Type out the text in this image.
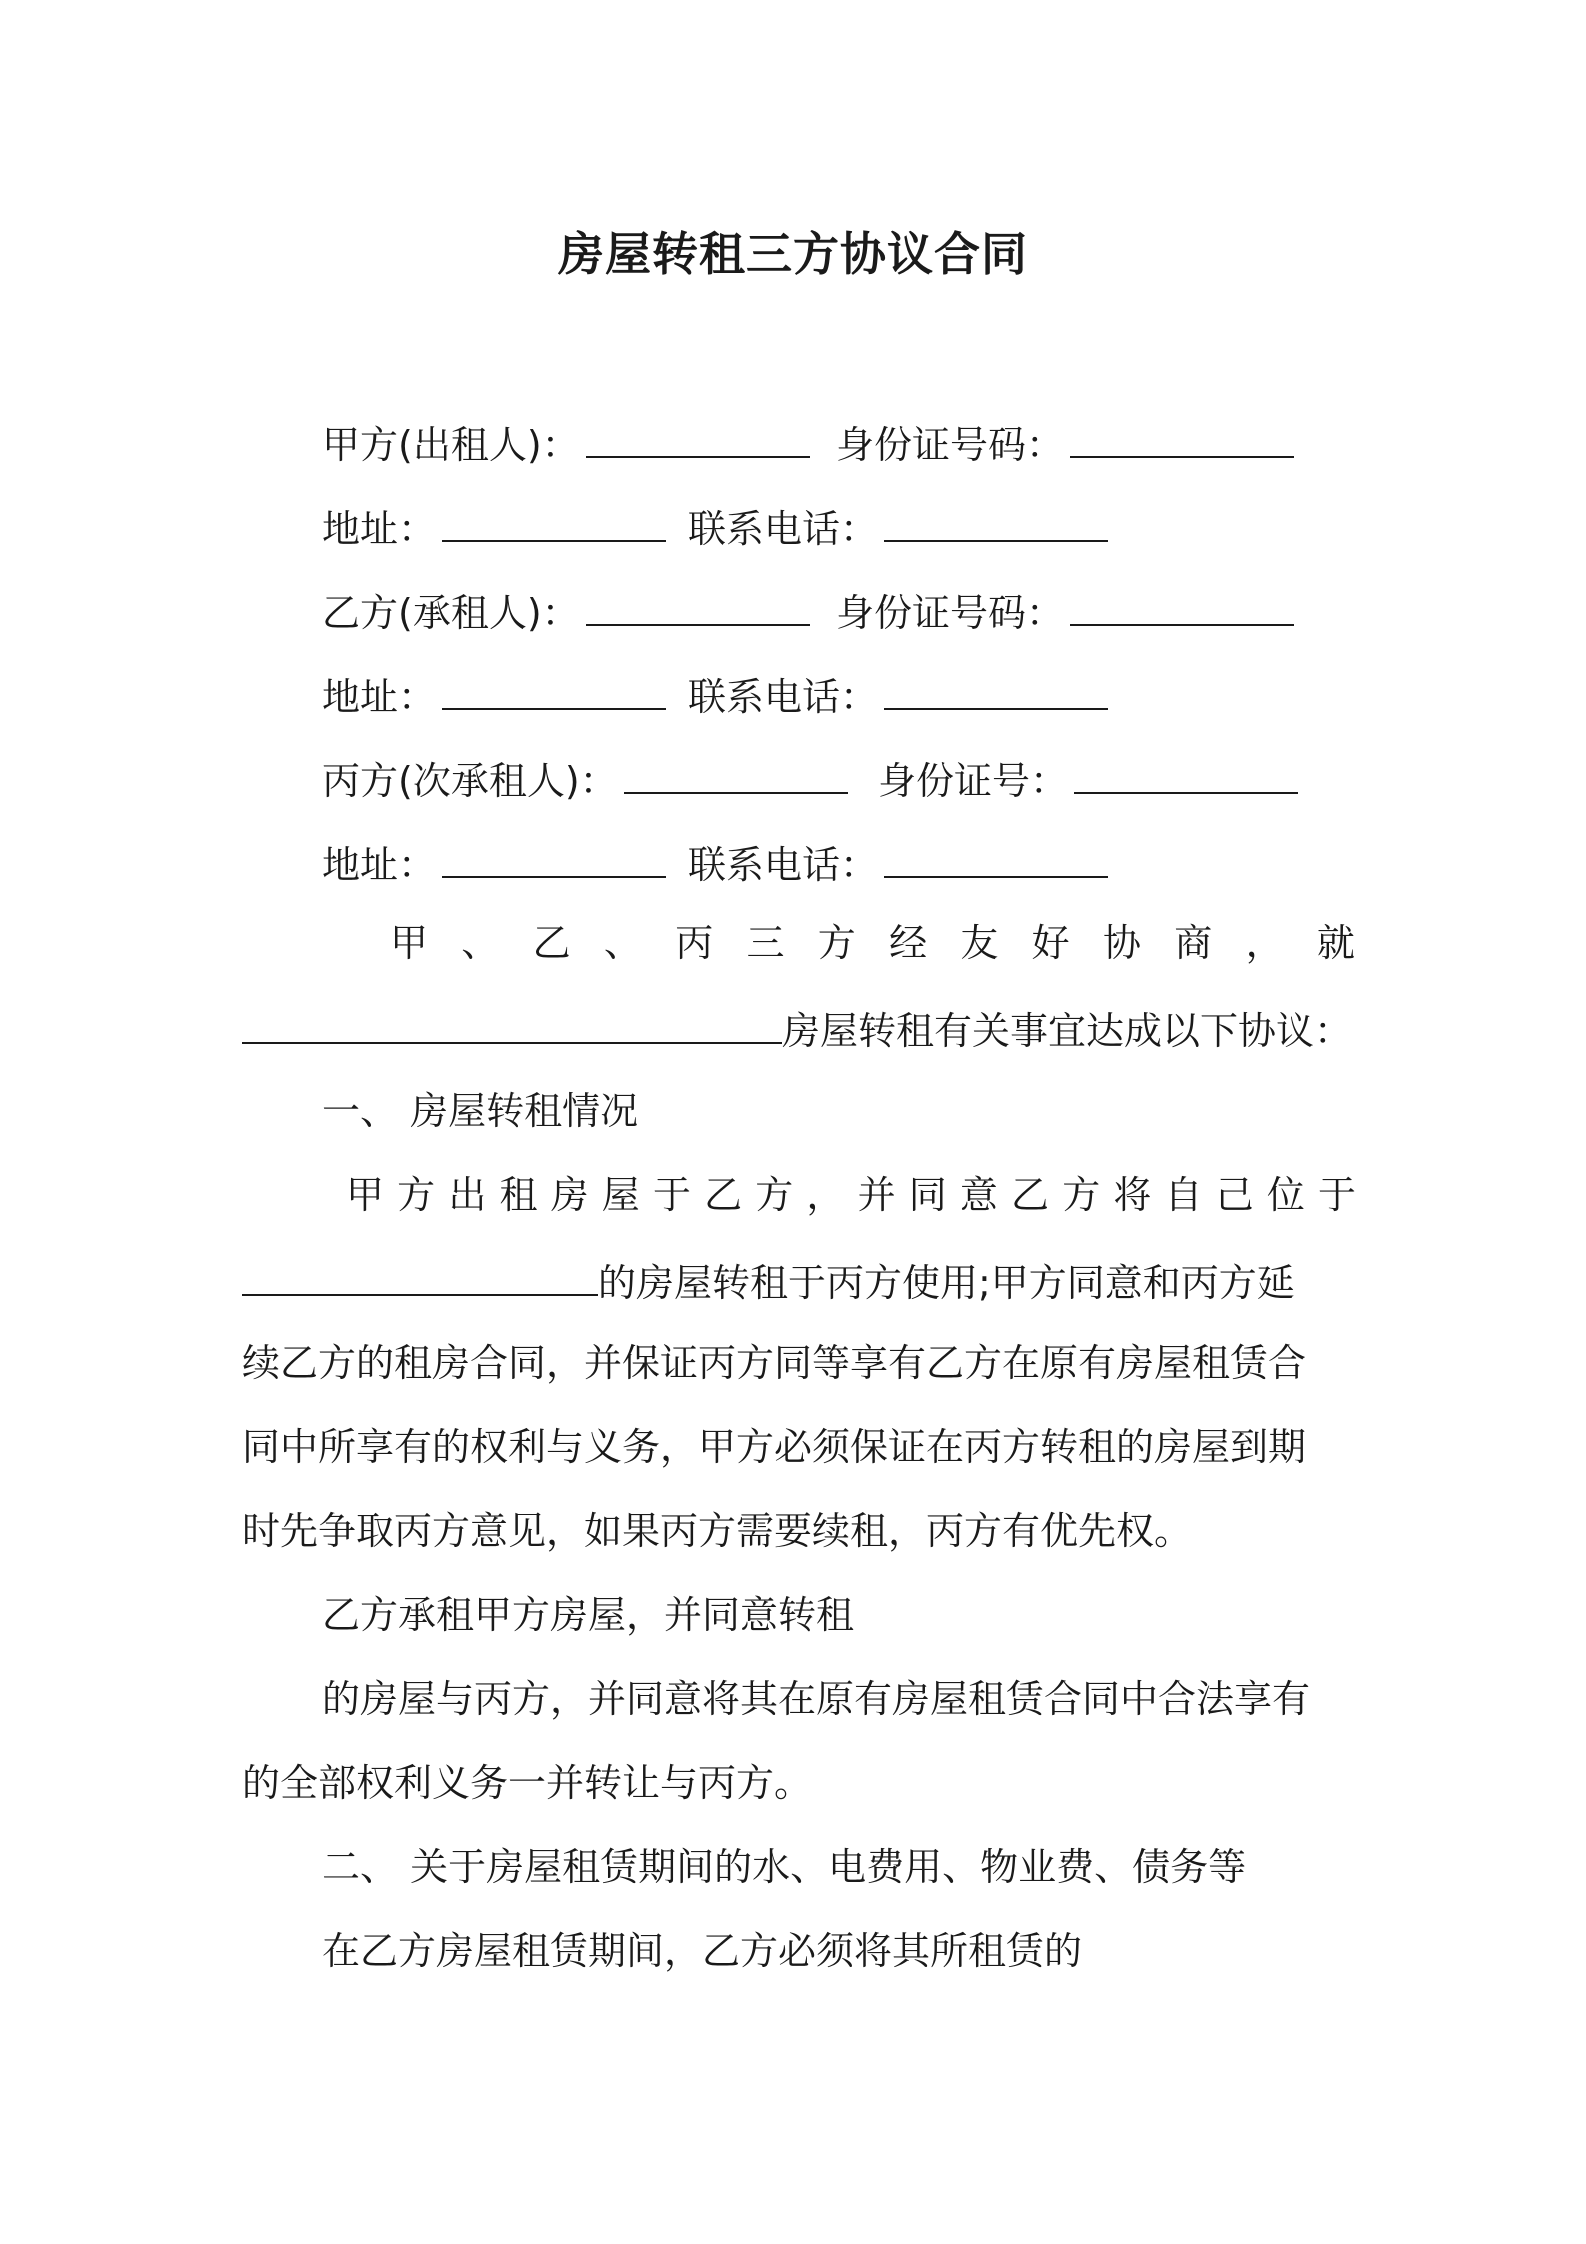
房屋转租三方协议合同
甲方(出租人)：	身份证号码：
地址：	联系电话：
乙方(承租人)：	身份证号码：
地址：	联系电话：
丙方(次承租人)：	身份证号：
地址：	联系电话：
甲 、 乙 、 丙 三 方 经 友 好 协 商 ， 就
房屋转租有关事宜达成以下协议：
一、 房屋转租情况
甲 方 出 租 房 屋 于 乙 方 ， 并 同 意 乙 方 将 自 己 位 于
的房屋转租于丙方使用;甲方同意和丙方延
续乙方的租房合同，并保证丙方同等享有乙方在原有房屋租赁合
同中所享有的权利与义务，甲方必须保证在丙方转租的房屋到期
时先争取丙方意见，如果丙方需要续租，丙方有优先权。
乙方承租甲方房屋，并同意转租
的房屋与丙方，并同意将其在原有房屋租赁合同中合法享有
的全部权利义务一并转让与丙方。
二、 关于房屋租赁期间的水、电费用、物业费、债务等
在乙方房屋租赁期间，乙方必须将其所租赁的
